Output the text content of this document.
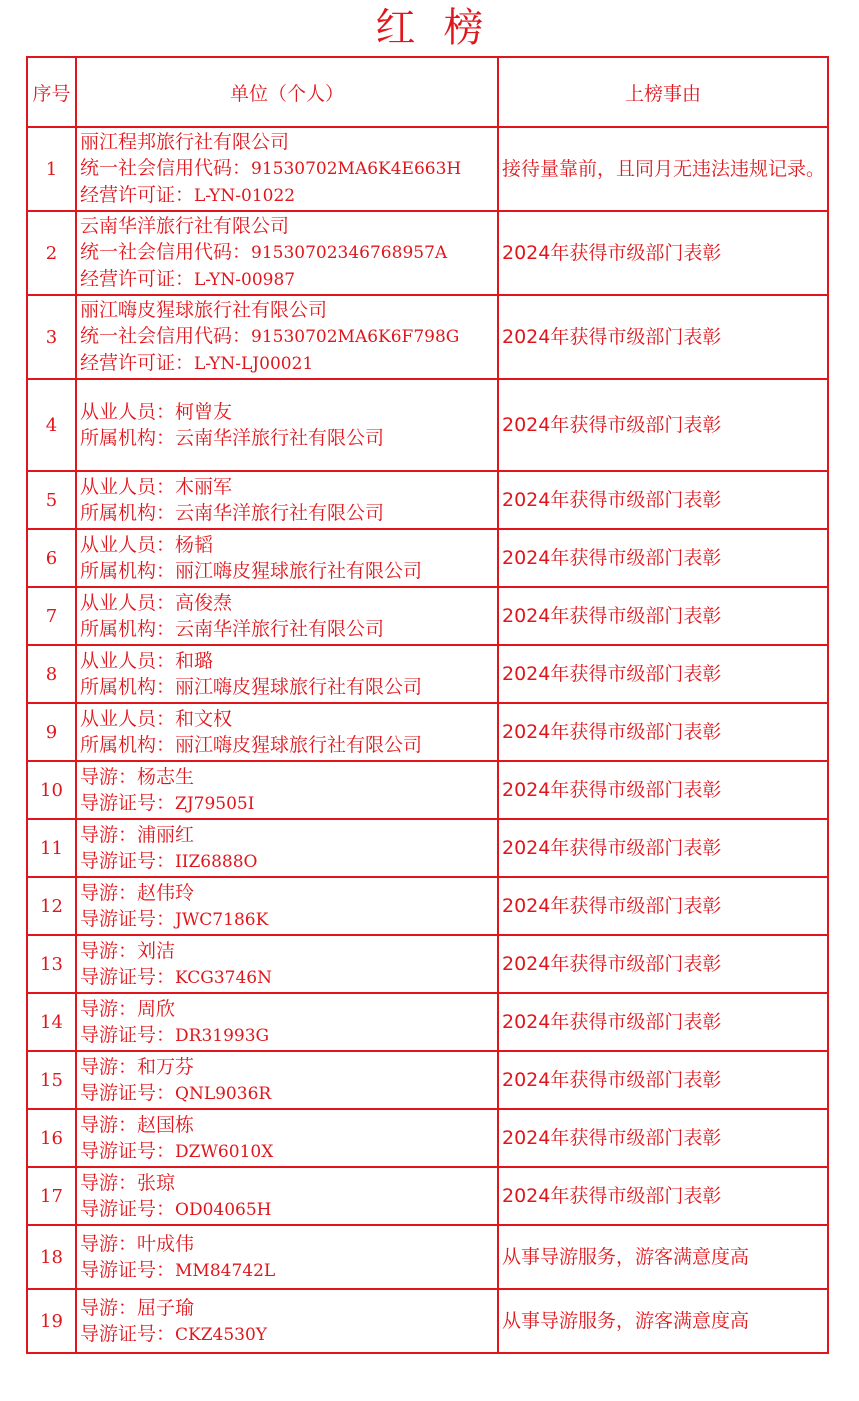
红榜
序号	单位（个人）	上榜事由
1	丽江程邦旅行社有限公司
统一社会信用代码：91530702MA6K4E663H
经营许可证：L-YN-01022	接待量靠前，且同月无违法违规记录。
2	云南华洋旅行社有限公司
统一社会信用代码：91530702346768957A
经营许可证：L-YN-00987	2024年获得市级部门表彰
3	丽江嗨皮猩球旅行社有限公司
统一社会信用代码：91530702MA6K6F798G
经营许可证：L-YN-LJ00021	2024年获得市级部门表彰
4	从业人员：柯曾友
所属机构：云南华洋旅行社有限公司	2024年获得市级部门表彰
5	从业人员：木丽军
所属机构：云南华洋旅行社有限公司	2024年获得市级部门表彰
6	从业人员：杨韬
所属机构：丽江嗨皮猩球旅行社有限公司	2024年获得市级部门表彰
7	从业人员：高俊焘
所属机构：云南华洋旅行社有限公司	2024年获得市级部门表彰
8	从业人员：和璐
所属机构：丽江嗨皮猩球旅行社有限公司	2024年获得市级部门表彰
9	从业人员：和文权
所属机构：丽江嗨皮猩球旅行社有限公司	2024年获得市级部门表彰
10	导游：杨志生
导游证号：ZJ79505I	2024年获得市级部门表彰
11	导游：浦丽红
导游证号：IIZ6888O	2024年获得市级部门表彰
12	导游：赵伟玲
导游证号：JWC7186K	2024年获得市级部门表彰
13	导游：刘洁
导游证号：KCG3746N	2024年获得市级部门表彰
14	导游：周欣
导游证号：DR31993G	2024年获得市级部门表彰
15	导游：和万芬
导游证号：QNL9036R	2024年获得市级部门表彰
16	导游：赵国栋
导游证号：DZW6010X	2024年获得市级部门表彰
17	导游：张琼
导游证号：OD04065H	2024年获得市级部门表彰
18	导游：叶成伟
导游证号：MM84742L	从事导游服务，游客满意度高
19	导游：屈子瑜
导游证号：CKZ4530Y	从事导游服务，游客满意度高
